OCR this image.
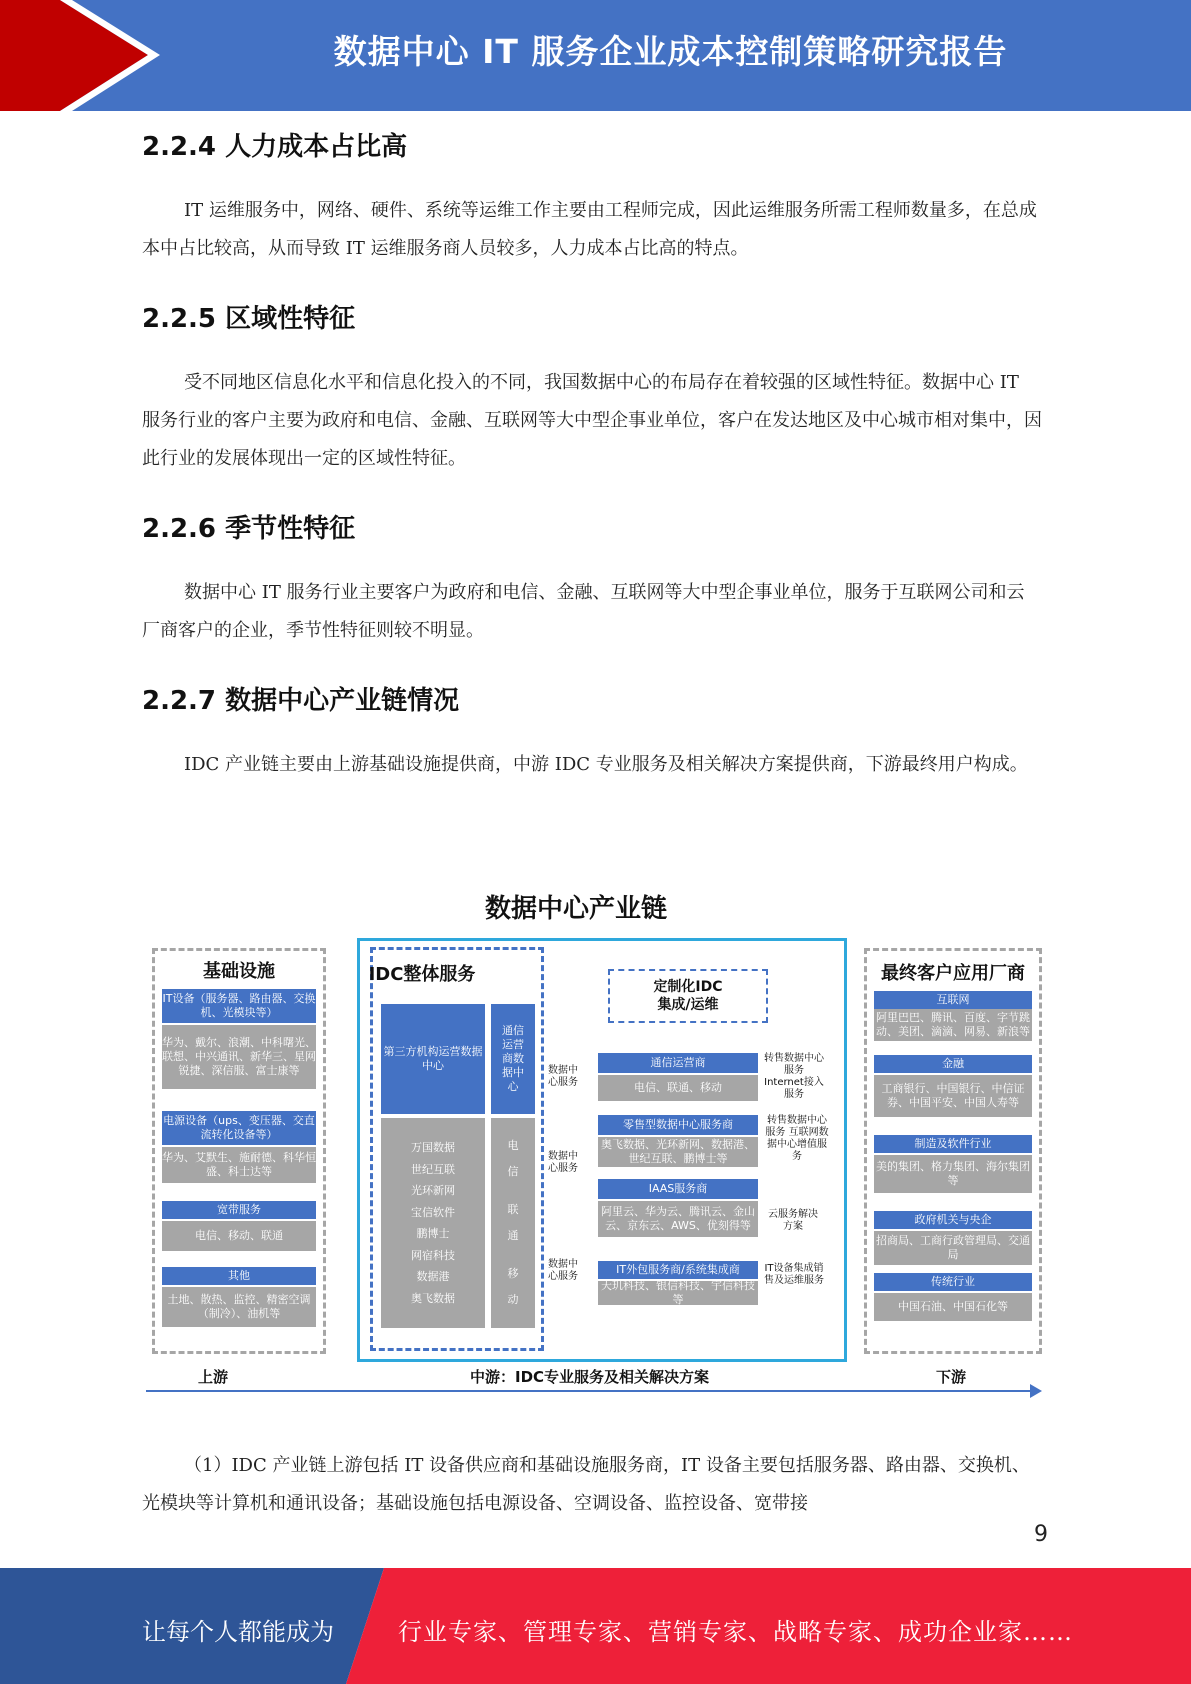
数据中心 IT 服务企业成本控制策略研究报告
2.2.4 人力成本占比高

IT 运维服务中，网络、硬件、系统等运维工作主要由工程师完成，因此运维服务所需工程师数量多，在总成本中占比较高，从而导致 IT 运维服务商人员较多，人力成本占比高的特点。

2.2.5 区域性特征

受不同地区信息化水平和信息化投入的不同，我国数据中心的布局存在着较强的区域性特征。数据中心 IT 服务行业的客户主要为政府和电信、金融、互联网等大中型企事业单位，客户在发达地区及中心城市相对集中，因此行业的发展体现出一定的区域性特征。

2.2.6 季节性特征

数据中心 IT 服务行业主要客户为政府和电信、金融、互联网等大中型企事业单位，服务于互联网公司和云厂商客户的企业，季节性特征则较不明显。

2.2.7 数据中心产业链情况

IDC 产业链主要由上游基础设施提供商，中游 IDC 专业服务及相关解决方案提供商，下游最终用户构成。

数据中心产业链
基础设施
IT设备（服务器、路由器、交换机、光模块等）
华为、戴尔、浪潮、中科曙光、联想、中兴通讯、新华三、星网锐捷、深信服、富士康等
电源设备（ups、变压器、交直流转化设备等）
华为、艾默生、施耐德、科华恒盛、科士达等
宽带服务
电信、移动、联通
其他
土地、散热、监控、精密空调（制冷）、油机等
IDC整体服务
第三方机构运营数据中心
通信运营商数据中心
万国数据
世纪互联
光环新网
宝信软件
鹏博士
网宿科技
数据港
奥飞数据
电
信
联
通
移
动
定制化IDC 集成/运维
数据中心服务
数据中心服务
数据中心服务
通信运营商
电信、联通、移动
转售数据中心服务 Internet接入服务
零售型数据中心服务商
奥飞数据、光环新网、数据港、世纪互联、鹏博士等
转售数据中心服务 互联网数据中心增值服务
IAAS服务商
阿里云、华为云、腾讯云、金山云、京东云、AWS、优刻得等
云服务解决方案
IT外包服务商/系统集成商
天玑科技、银信科技、宇信科技等
IT设备集成销售及运维服务
最终客户应用厂商
互联网
阿里巴巴、腾讯、百度、字节跳动、美团、滴滴、网易、新浪等
金融
工商银行、中国银行、中信证券、中国平安、中国人寿等
制造及软件行业
美的集团、格力集团、海尔集团等
政府机关与央企
招商局、工商行政管理局、交通局
传统行业
中国石油、中国石化等
上游	中游：IDC专业服务及相关解决方案	下游

（1）IDC 产业链上游包括 IT 设备供应商和基础设施服务商，IT 设备主要包括服务器、路由器、交换机、光模块等计算机和通讯设备；基础设施包括电源设备、空调设备、监控设备、宽带接

9
让每个人都能成为	行业专家、管理专家、营销专家、战略专家、成功企业家……
